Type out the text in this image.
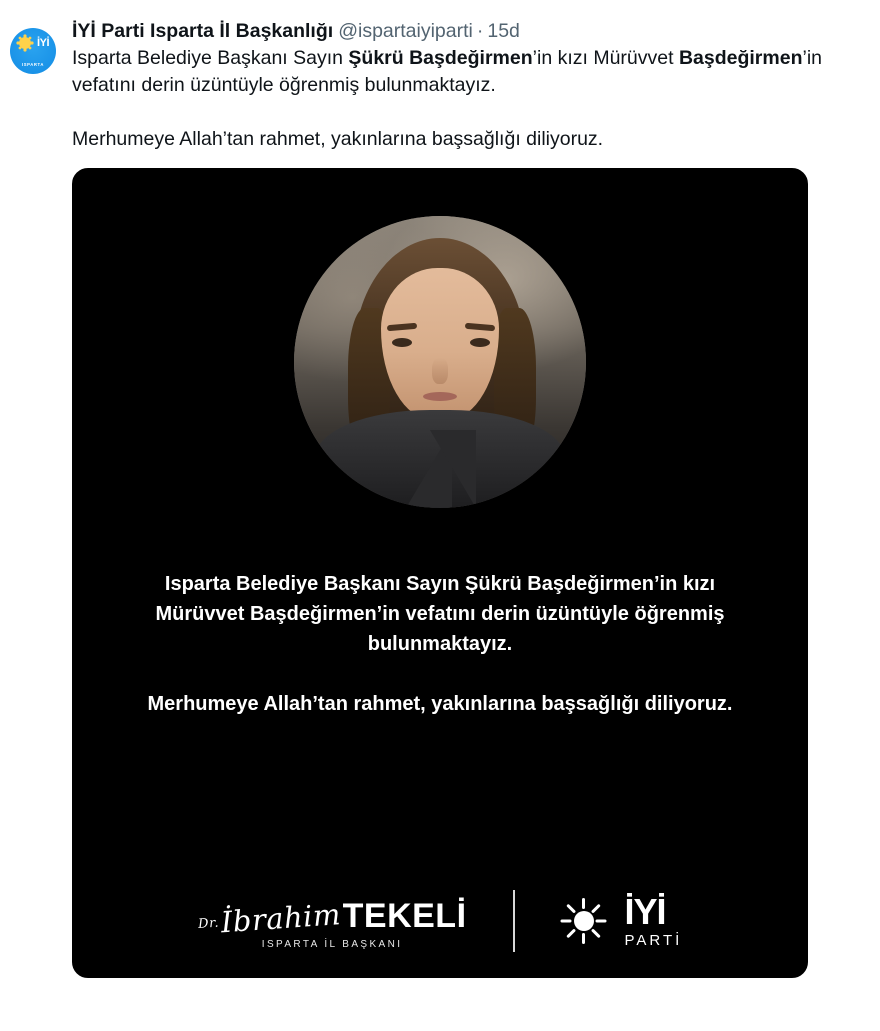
İYİ
ISPARTA
İYİ Parti Isparta İl Başkanlığı @ispartaiyiparti · 15d
Isparta Belediye Başkanı Sayın Şükrü Başdeğirmen’in kızı Mürüvvet Başdeğirmen’in vefatını derin üzüntüyle öğrenmiş bulunmaktayız.
Merhumeye Allah’tan rahmet, yakınlarına başsağlığı diliyoruz.
Isparta Belediye Başkanı Sayın Şükrü Başdeğirmen’in kızı Mürüvvet Başdeğirmen’in vefatını derin üzüntüyle öğrenmiş bulunmaktayız.
Merhumeye Allah’tan rahmet, yakınlarına başsağlığı diliyoruz.
$^{Dr.}$İbrahimTEKELİ
ISPARTA İL BAŞKANI
İYİ
PARTİ
